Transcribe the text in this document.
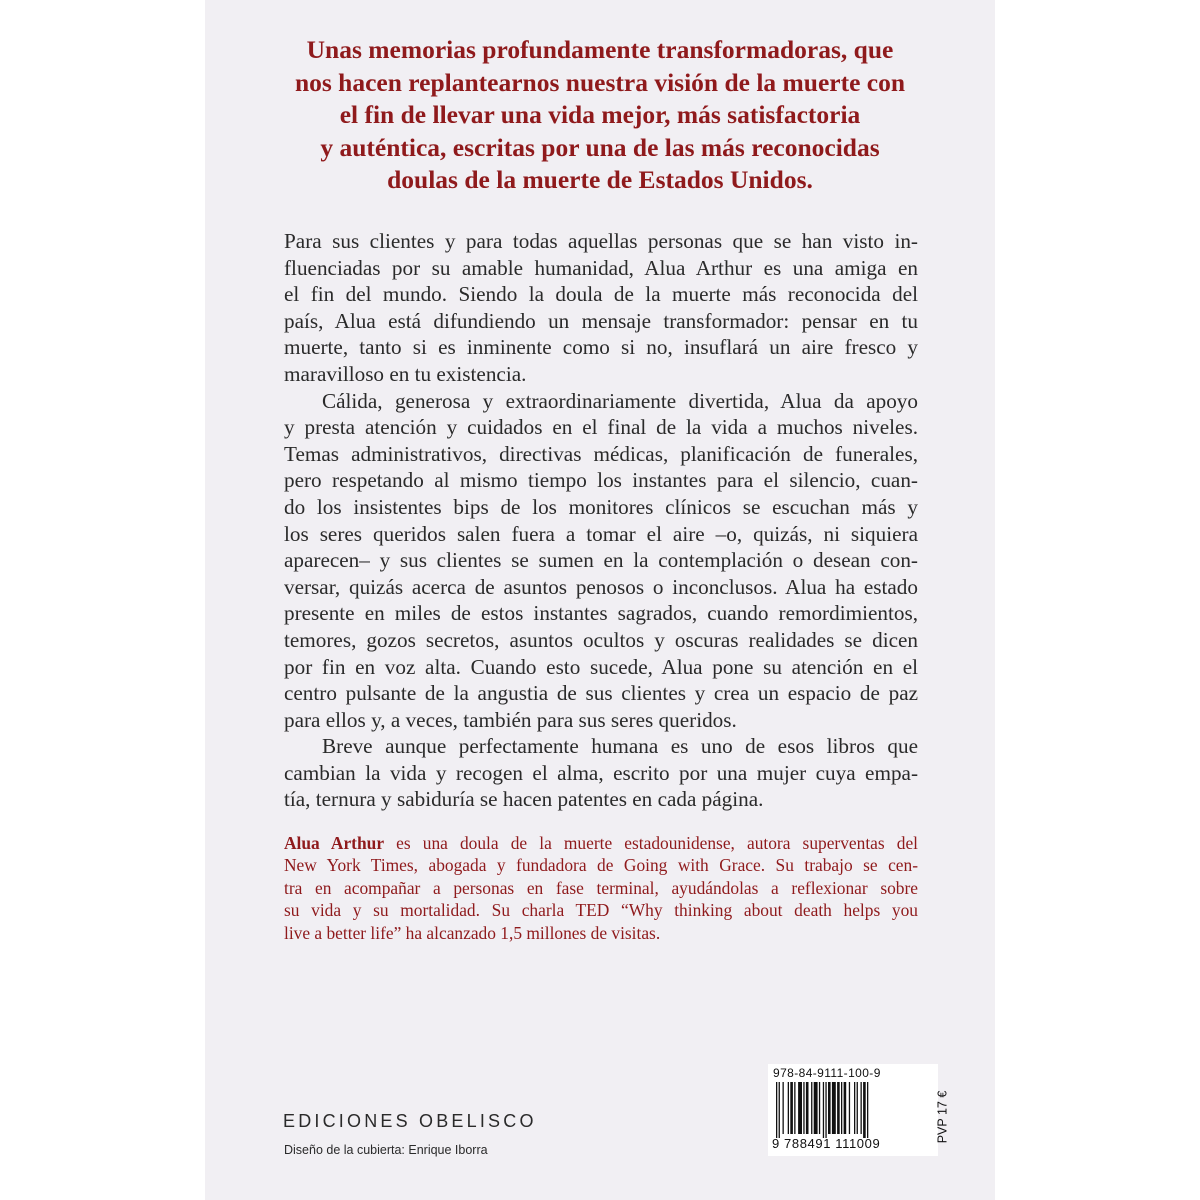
Unas memorias profundamente transformadoras, que
nos hacen replantearnos nuestra visión de la muerte con
el fin de llevar una vida mejor, más satisfactoria
y auténtica, escritas por una de las más reconocidas
doulas de la muerte de Estados Unidos.
Para sus clientes y para todas aquellas personas que se han visto in-
fluenciadas por su amable humanidad, Alua Arthur es una amiga en
el fin del mundo. Siendo la doula de la muerte más reconocida del
país, Alua está difundiendo un mensaje transformador: pensar en tu
muerte, tanto si es inminente como si no, insuflará un aire fresco y
maravilloso en tu existencia.
Cálida, generosa y extraordinariamente divertida, Alua da apoyo
y presta atención y cuidados en el final de la vida a muchos niveles.
Temas administrativos, directivas médicas, planificación de funerales,
pero respetando al mismo tiempo los instantes para el silencio, cuan-
do los insistentes bips de los monitores clínicos se escuchan más y
los seres queridos salen fuera a tomar el aire –o, quizás, ni siquiera
aparecen– y sus clientes se sumen en la contemplación o desean con-
versar, quizás acerca de asuntos penosos o inconclusos. Alua ha estado
presente en miles de estos instantes sagrados, cuando remordimientos,
temores, gozos secretos, asuntos ocultos y oscuras realidades se dicen
por fin en voz alta. Cuando esto sucede, Alua pone su atención en el
centro pulsante de la angustia de sus clientes y crea un espacio de paz
para ellos y, a veces, también para sus seres queridos.
Breve aunque perfectamente humana es uno de esos libros que
cambian la vida y recogen el alma, escrito por una mujer cuya empa-
tía, ternura y sabiduría se hacen patentes en cada página.
Alua Arthur es una doula de la muerte estadounidense, autora superventas del
New York Times, abogada y fundadora de Going with Grace. Su trabajo se cen-
tra en acompañar a personas en fase terminal, ayudándolas a reflexionar sobre
su vida y su mortalidad. Su charla TED “Why thinking about death helps you
live a better life” ha alcanzado 1,5 millones de visitas.
EDICIONES OBELISCO
Diseño de la cubierta: Enrique Iborra
978-84-9111-100-9
9 788491 111009
PVP 17 €
